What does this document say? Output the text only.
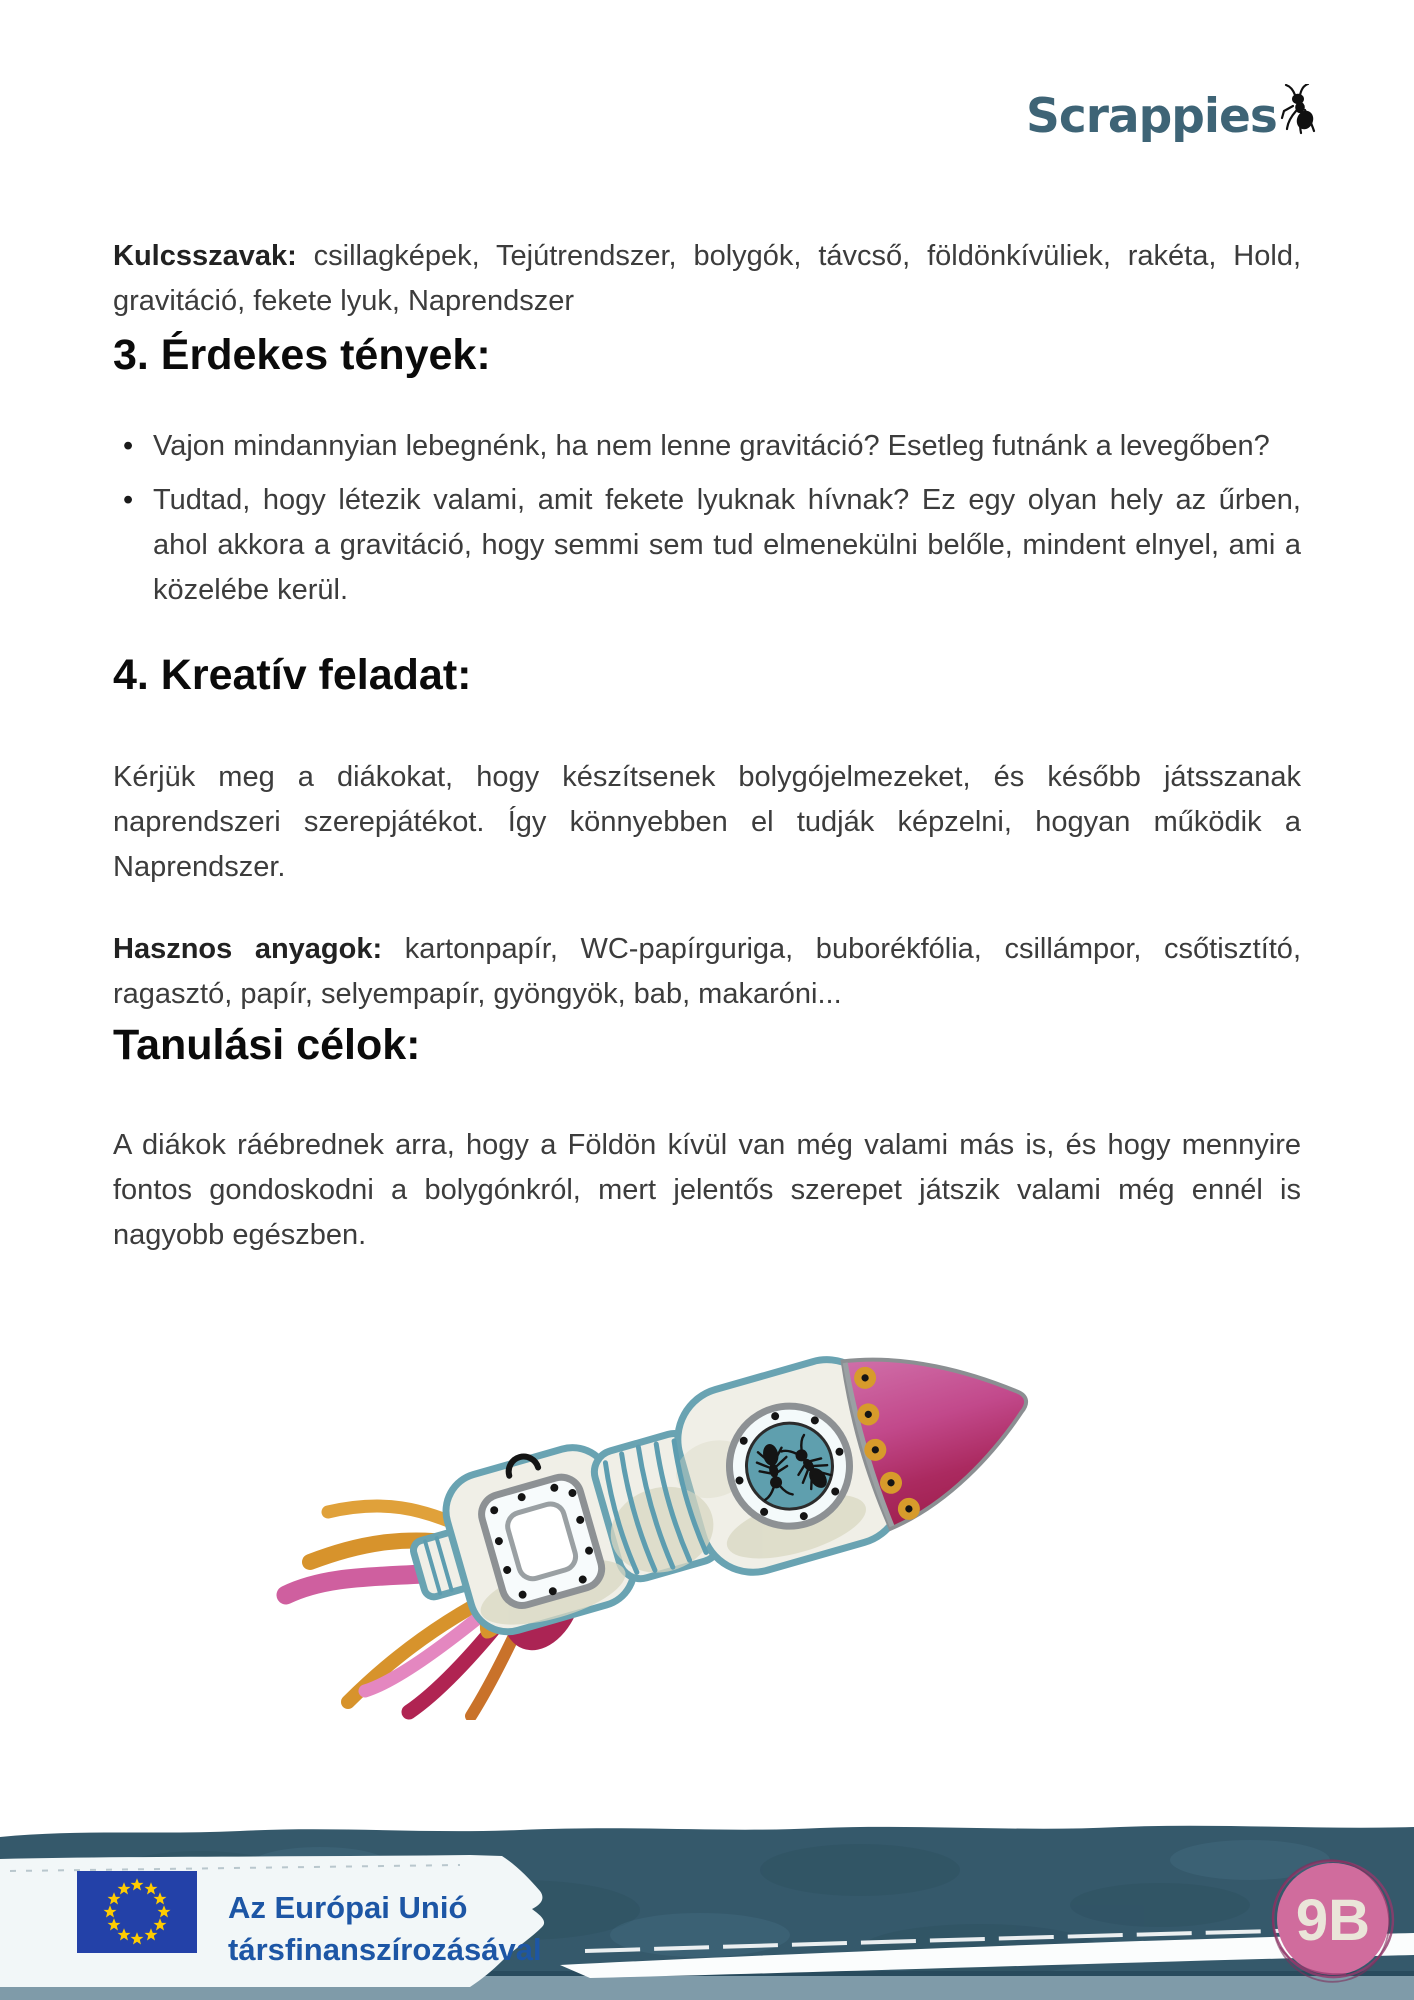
Scrappies

Kulcsszavak: csillagképek, Tejútrendszer, bolygók, távcső, földönkívüliek, rakéta, Hold, gravitáció, fekete lyuk, Naprendszer

3. Érdekes tények:
• Vajon mindannyian lebegnénk, ha nem lenne gravitáció? Esetleg futnánk a levegőben?
• Tudtad, hogy létezik valami, amit fekete lyuknak hívnak? Ez egy olyan hely az űrben, ahol akkora a gravitáció, hogy semmi sem tud elmenekülni belőle, mindent elnyel, ami a közelébe kerül.
4. Kreatív feladat:

Kérjük meg a diákokat, hogy készítsenek bolygójelmezeket, és később játsszanak naprendszeri szerepjátékot. Így könnyebben el tudják képzelni, hogyan működik a Naprendszer.

Hasznos anyagok: kartonpapír, WC-papírguriga, buborékfólia, csillámpor, csőtisztító, ragasztó, papír, selyempapír, gyöngyök, bab, makaróni...

Tanulási célok:

A diákok ráébrednek arra, hogy a Földön kívül van még valami más is, és hogy mennyire fontos gondoskodni a bolygónkról, mert jelentős szerepet játszik valami még ennél is nagyobb egészben.

Az Európai Unió
társfinanszírozásával	9B
